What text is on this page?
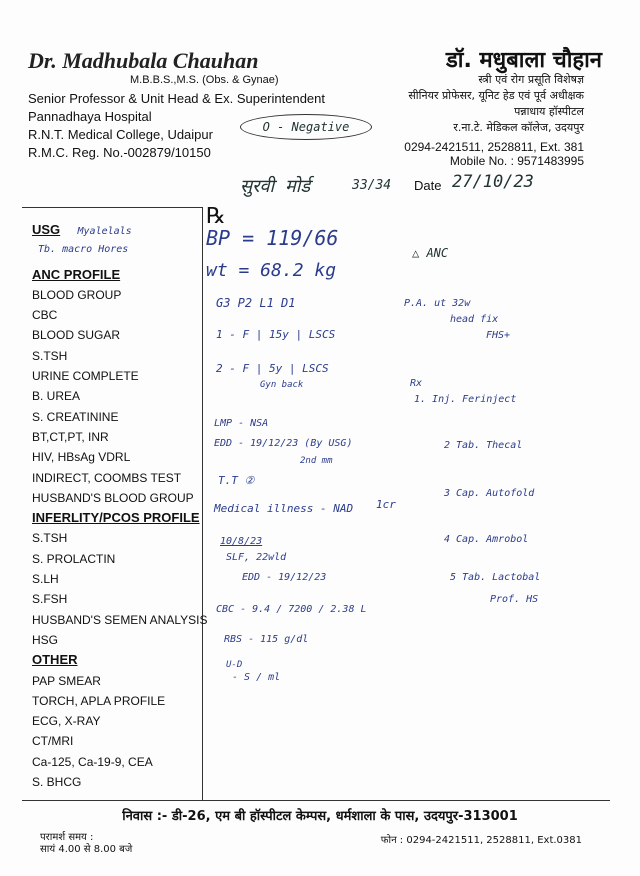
Dr. Madhubala Chauhan
M.B.B.S.,M.S. (Obs. & Gynae)
Senior Professor & Unit Head & Ex. Superintendent
Pannadhaya Hospital
R.N.T. Medical College, Udaipur
R.M.C. Reg. No.-002879/10150
डॉ. मधुबाला चौहान
स्त्री एवं रोग प्रसूति विशेषज्ञ
सीनियर प्रोफेसर, यूनिट हेड एवं पूर्व अधीक्षक
पन्नाधाय हॉस्पीटल
र.ना.टे. मेडिकल कॉलेज, उदयपुर
0294-2421511, 2528811, Ext. 381
Mobile No. : 9571483995
O - Negative
सुरवी मोर्ड	33/34 Date 27/10/23
USG Myalelals
Tb. macro Hores
ANC PROFILE
BLOOD GROUP
CBC
BLOOD SUGAR
S.TSH
URINE COMPLETE
B. UREA
S. CREATININE
BT,CT,PT, INR
HIV, HBsAg VDRL
INDIRECT, COOMBS TEST
HUSBAND'S BLOOD GROUP
INFERLITY/PCOS PROFILE
S.TSH
S. PROLACTIN
S.LH
S.FSH
HUSBAND'S SEMEN ANALYSIS
HSG
OTHER
PAP SMEAR
TORCH, APLA PROFILE
ECG, X-RAY
CT/MRI
Ca-125, Ca-19-9, CEA
S. BHCG
℞
BP = 119/66
wt = 68.2 kg
△ ANC
G3 P2 L1 D1
1 - F | 15y | LSCS
2 - F | 5y | LSCS
Gyn back
LMP - NSA
EDD - 19/12/23 (By USG)
2nd mm
T.T ②
Medical illness - NAD 1cr
10/8/23
SLF, 22wld
EDD - 19/12/23
CBC - 9.4 / 7200 / 2.38 L
RBS - 115 g/dl
U-D
- S / ml
P.A. ut 32w
head fix
FHS+
Rx
1. Inj. Ferinject
2 Tab. Thecal
3 Cap. Autofold
4 Cap. Amrobol
5 Tab. Lactobal
Prof. HS
निवास :- डी-26, एम बी हॉस्पीटल केम्पस, धर्मशाला के पास, उदयपुर-313001
परामर्श समय :
सायं 4.00 से 8.00 बजे
फोन : 0294-2421511, 2528811, Ext.0381
